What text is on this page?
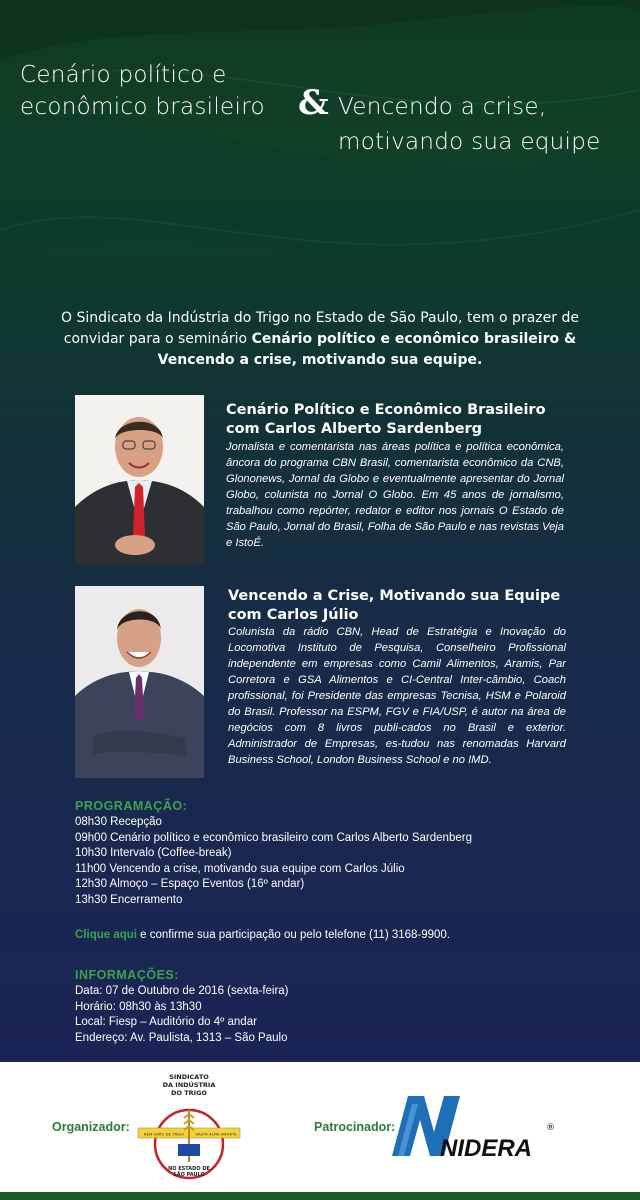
Cenário político e
econômico brasileiro & Vencendo a crise,
motivando sua equipe
O Sindicato da Indústria do Trigo no Estado de São Paulo, tem o prazer de convidar para o seminário Cenário político e econômico brasileiro & Vencendo a crise, motivando sua equipe.
Cenário Político e Econômico Brasileiro
com Carlos Alberto Sardenberg
Jornalista e comentarista nas áreas política e política econômica, âncora do programa CBN Brasil, comentarista econômico da CNB, Glononews, Jornal da Globo e eventualmente apresentar do Jornal Globo, colunista no Jornal O Globo. Em 45 anos de jornalismo, trabalhou como repórter, redator e editor nos jornais O Estado de São Paulo, Jornal do Brasil, Folha de São Paulo e nas revistas Veja e IstoÉ.
Vencendo a Crise, Motivando sua Equipe
com Carlos Júlio
Colunista da rádio CBN, Head de Estratégia e Inovação do Locomotiva Instituto de Pesquisa, Conselheiro Profissional independente em empresas como Camil Alimentos, Aramis, Par Corretora e GSA Alimentos e CI-Central Inter-câmbio, Coach profissional, foi Presidente das empresas Tecnisa, HSM e Polaroid do Brasil. Professor na ESPM, FGV e FIA/USP, é autor na área de negócios com 8 livros publi-cados no Brasil e exterior. Administrador de Empresas, es-tudou nas renomadas Harvard Business School, London Business School e no IMD.
PROGRAMAÇÃO:
08h30 Recepção
09h00 Cenário político e econômico brasileiro com Carlos Alberto Sardenberg
10h30 Intervalo (Coffee-break)
11h00 Vencendo a crise, motivando sua equipe com Carlos Júlio
12h30 Almoço – Espaço Eventos (16º andar)
13h30 Encerramento
Clique aqui e confirme sua participação ou pelo telefone (11) 3168-9900.
INFORMAÇÕES:
Data: 07 de Outubro de 2016 (sexta-feira)
Horário: 08h30 às 13h30
Local: Fiesp – Auditório do 4º andar
Endereço: Av. Paulista, 1313 – São Paulo
Organizador:
SINDICATO
DA INDÚSTRIA
DO TRIGO
NEM GRÃO DE TRIGO	HASTA ALMA INFINITA
NO ESTADO DE
SÃO PAULO
Patrocinador:
NIDERA
®
